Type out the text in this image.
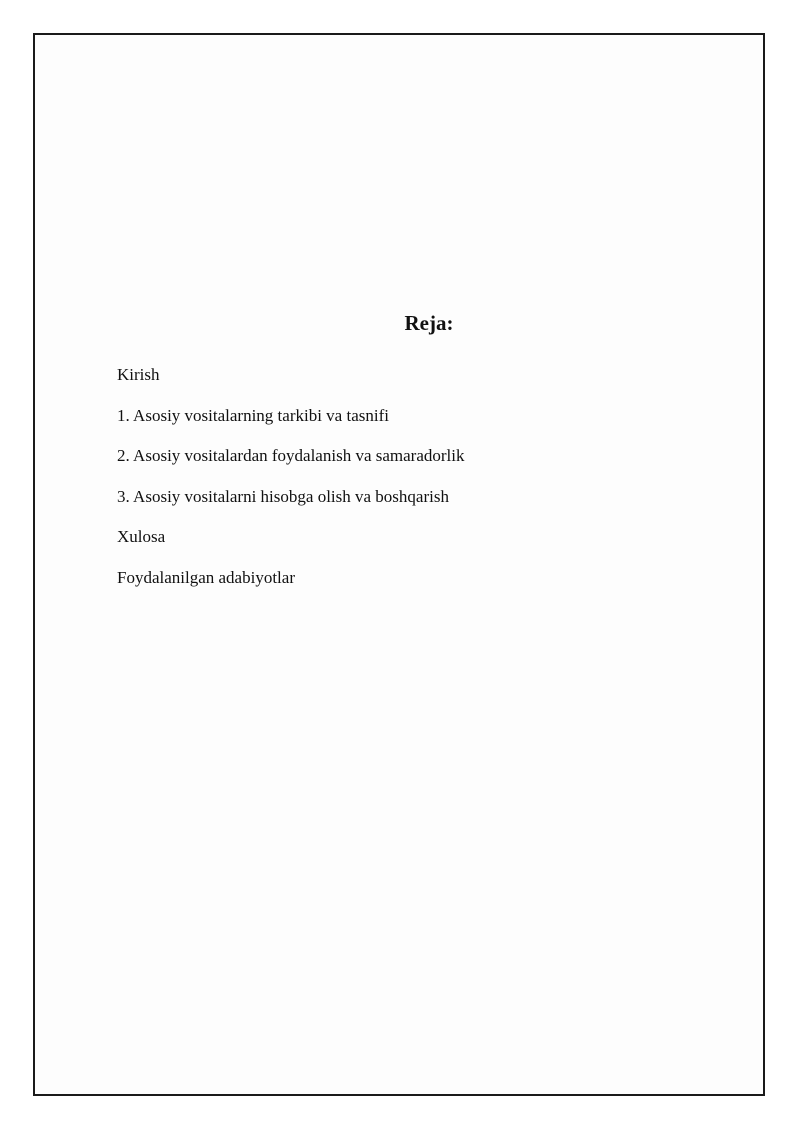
Reja:
Kirish
1. Asosiy vositalarning tarkibi va tasnifi
2. Asosiy vositalardan foydalanish va samaradorlik
3. Asosiy vositalarni hisobga olish va boshqarish
Xulosa
Foydalanilgan adabiyotlar
